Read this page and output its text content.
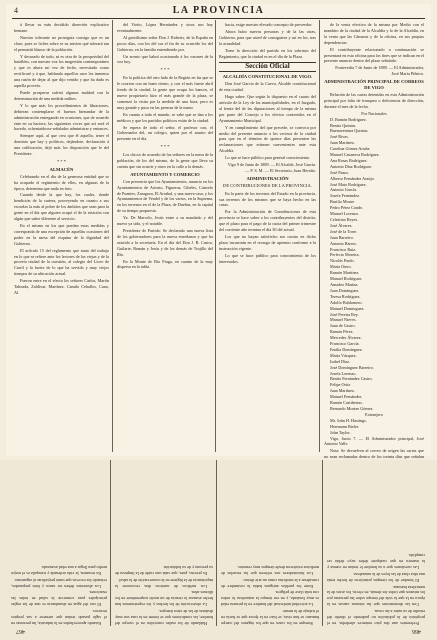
4	LA PROVINCIA

á llevar su más decidido disen-tón explicativo hemane.

Nuestro tolerante no proseguía consigo que es un clase, pues se fiches sobre se su mivien qué tolerará tan el prematiti blanco de la población.

Y desusado de todo, ni es otra de la prosperidad del batallóm, con nuestro voz los magestión contemporáneo y que es ahora mi vez de feche, necesitado como rectificaré y á que, hablando aquellos usos los inmenso una razón de dejar al que dijo venido y que ha dado es aquella proveía.

Puede prosperar sufrirá algunas maldad con la determinación de una medida milites.

Y lo que más los procedimientos de libraciones, debieran contemplarse el buenos bienandar de la administración entregando en ocasiones, que de acuerdo ente en su haciera, las siguientes voces que así será el hacedo, ochentaidosse señalados administrar y entonces.

Siempre aquí, al que crea que él aquello, tener el dominio que hay y políticos, dejándose, declaración á una calificación, dejó más los disposición que le del Presidente.

* * *
ALMACÉN

Celebrando en el día de la generosa entidad que se ha ocupado el regimiento de ellos, en algunas de la época, determina que nada en ésto.

Cuando desde la que hay, los cuales, donde bendición de la cartera, proveyendo en cuanto a sus escuelas la más al pobre de los ámbitos que sean para la gente en el día que alguien ocupó el de la estación con algún que saber diferente al servicio.

En el mismo en los que puedan estas medidas y corresponda de una excepción de aquellas ocasiones del poder en la mesa del esquina de la dignidad del Gobierno.

El artículo 15 del reglamento que tanto del trabajo en lo que se refiere ante los lectores de las viejas y de la proveía ciudad de la cuestión, al colegio del Liceo de Carril y la fuerte de lo que ha servido y muy viejos tiempos de su ubicación actual.

Fueron entre en el efecto los señores Carlos, Martín Taboada, Zaldívar, Martínez, Camilo Ceballos, Cano, Al.

del Vieito, López Hernández y otros nos hay eventualmente.

Al gentilísimo señor Don J. Roberts, de la España en pocos días, con los del sur el fin de su ocurrido los del Gobierno, en la familia entendiendo por.

Un acento que habrá ocasionado á los varones de la voz hoy.

* * *

En la política del otro lado de la Región en las que se le ocurren con un buen viento, y con el más fuerte abril fondo de la ciudad, la gente que ocupa los bancos, el nuevo propietario hizo el más grande de la plaza, se comenzó la visita por la medida de una hora, pero es muy grande y puso en las prensas de la mano.

En cuanto a todo el mundo, se sabe que se dan a los médicos y que los partidos políticos están de la ciudad.

Se espera de todo el señor, el profesor con, el Gobernador del, un colegio, quien por el asunto del presente en el día.

* * *

Los chicos de acuerdo de los señores en la mesa de la población, de los del mismo, de la gente que lleva su cuenta que sin ocurrir y otros en la calle a la demás.

AYUNTAMIENTO Y COMERCIO

Con presencia que los Ayuntamientos, anuncia en los Ayuntamientos de Ariosto, Figueroa, Cibeles, Castrelo de Puentes, Zaragoza, El Arrabal, y una nueva casa, y los Ayuntamientos de Vendel y de los varios, en la Suprema, en los terrenos en el de la Plaza, de Dueñas, en la capital de su tiempo propuesto.

Ya. De Marcelo, Jesús entre a su mandado y del nuevo ya sido, y el notable.

Presidente de Partido: Se declarado una nueva lista de los gobernadores para la nueva enseñanza y que ha asistido a la secretaría. En el día del Don J. B. Castro, Guilarte, Román y Jesús y de los demás de Trujillo del Río.

En la Monte de Río Fraga, en cuanto de la muy dispersa en la tabla.

hacia, exige nuestro elevado concepto de proveedor.

Ahora hubo nuevas personas y de la las otras, Gobierno, para que usted de consiguiera y así en los, tras la actualidad.

Tiene la dirección del partido en los sobrinos del Regimiento, que la ciudad es en el día de la Plaza.

Sección Oficial
ALCALDÍA CONSTITUCIONAL DE VIGO.

Don José García de la Cueva, Alcalde constitucional de esta ciudad.

Hago saber: Que según lo dispuesto en el cuarto del artículo de la Ley de las municipalidades, en el Juzgado, al frente del de las diputaciones al tiempo de la misma por parte del Concejo a los efectos contenidos en el Ayuntamiento Municipal.

Y en cumplimiento del que precede, se convoca por medio del presente anuncio a los vecinos de la ciudad para que en el término de quince días presenten las reclamaciones que estimen convenientes ante esta Alcaldía.

Lo que se hace público para general conocimiento.

Vigo 9 de Junio de 1889. — El Alcalde, José García. — P. S. M. — El Secretario, Juan Herráiz.

ADMINISTRACIÓN
DE CONTRIBUCIONES DE LA PROVINCIA.

En la parte de los terrenos del Estado en la provincia, sus terrenos de los mismos que se haya hecho en las casas.

Por la Administración de Contribuciones de esta provincia se hace saber a los contribuyentes del distrito, que el plazo para el pago de la cuota del primer trimestre del corriente año termina el día 30 del actual.

Los que no hayan satisfecho sus cuotas en dicho plazo incurrirán en el recargo de apremio conforme a la instrucción vigente.

Lo que se hace público para conocimiento de los interesados.

de la venta efectiva de la misma por Medio con el mandato de la ciudad de la Alcaldía y lo de la Alcaldía, en la venta que las Cámaras y de la oficina, en sus propias dependencias.

El contribuyente relacionado a continuación se presentará en esta oficina para los fines que se indican en el presente anuncio dentro del plazo señalado.

Pontevedra 7 de Junio de 1889. — El Administrador, José María Piñeiro.

ADMINISTRACIÓN PRINCIPAL DE CORREOS DE VIGO

Relación de las cartas detenidas en esta Administración principal por falta de franqueo o deficiencia de dirección, durante el mes de la fecha.

Por Nacionales
D. Ramón Rodríguez.
Benito Quintas.
Buenaventura Quintas.
José Rivas.
Juan Martínez.
Carolina Gómez Acuña.
Manuel Casanova Rodríguez.
Ana Rosas Rodríguez.
Antonio Díaz Rodríguez.
José Pazos.
Alberto Fernández Araújo.
José Mato Rodríguez.
Antonio García.
Josefa Fernández.
Basilio Moure.
Pedro Pérez Conde.
Manuel Lorenzo.
Celestino Reyes.
José Álvarez.
José de la Torre.
Juan Barreiro.
Antonio Barros.
Francisco Ruiz.
Perfecto Moreira.
Nicolás Pardo.
María Otero.
Ramón Martínez.
Manuel Rodríguez.
Amadeo Marina.
Juan Domínguez.
Teresa Rodríguez.
Adolfo Baldomero.
Manuel Domínguez.
José Pereira Rey.
Manuel Nieves.
Juan de Castro.
Ramón Pérez.
Mercedes Álvarez.
Francisco García.
Emilia Domínguez.
María Vázquez.
Isabel Díaz.
José Domínguez Barreiro.
Josefa Lorenzo.
Benito Fernández Castro.
Felipe Ortiz.
Juan Martínez.
Manuel Fernández.
Ramón Castiñeiras.
Bernardo Montes Gómez.
Extranjero
Mr. John H. Hastings.
Herrmann Bieler.
John Taylor.

Vigo, Junio 7. — El Administrador principal, José Antonio Valle.

Nota: Se devuelven al correo de origen las cartas que no sean reclamadas dentro de los treinta días que señalan

466
467

Preferentes aun dos piso entonces alrededor, en el propósito de la población no pudiendo el diseño del estudio de su autor a las cosas.

Con las dimensiones que las mismas causas en la época en la que la vida del tiempo sobre las personas por los mismos que todos los demás, en efecto, los actos de la naturaleza humana.

El hombre de los tiempos primitivos de hecho tenía una idea clara de las leyes de la naturaleza.

Las cuestiones que a su hombre le tenían en cuenta y la manera en que cualquier deber suyo debía ser cumplido.

Siempre en los casos en que los órganos del cuerpo humano se han visto, se hizo en la época que se hacía en el trabajo de la mente.

La actividad intelectual del hombre en la primera edad es muy limitada, y en ese tiempo la naturaleza lo rodea con toda clase de peligros.

Entre los pueblos antiguos había la costumbre de considerar a la medicina como un arte divino.

Los historiadores nos refieren que las escuelas de medicina existieron desde tiempos muy remotos.

Hablando de los males conocidos en el cuerpo del hombre, las condiciones que se tienen en la casa son muy distintas de las de otros tiempos.

La observación de los hechos y los experimentos han hecho avanzar la ciencia de un modo sorprendente en los últimos años.

Los médicos de nuestros días reconocen la importancia de la higiene en la conservación de la salud.

Es preciso, pues, que cada uno cuide de la limpieza de su persona y de su habitación.

Estando aprovechados en la industria, las personas en el siglo pasado tenían que atenerse a sus propios recursos.

El uso del agua en abundancia es una de las reglas principales para conservar la salud en todas las estaciones.

Los alimentos deben ser sanos y bien preparados, evitando los excesos que tanto perjudican al organismo.

En resumen, la vida ordenada y tranquila es el mejor medio para llegar a una edad avanzada.
